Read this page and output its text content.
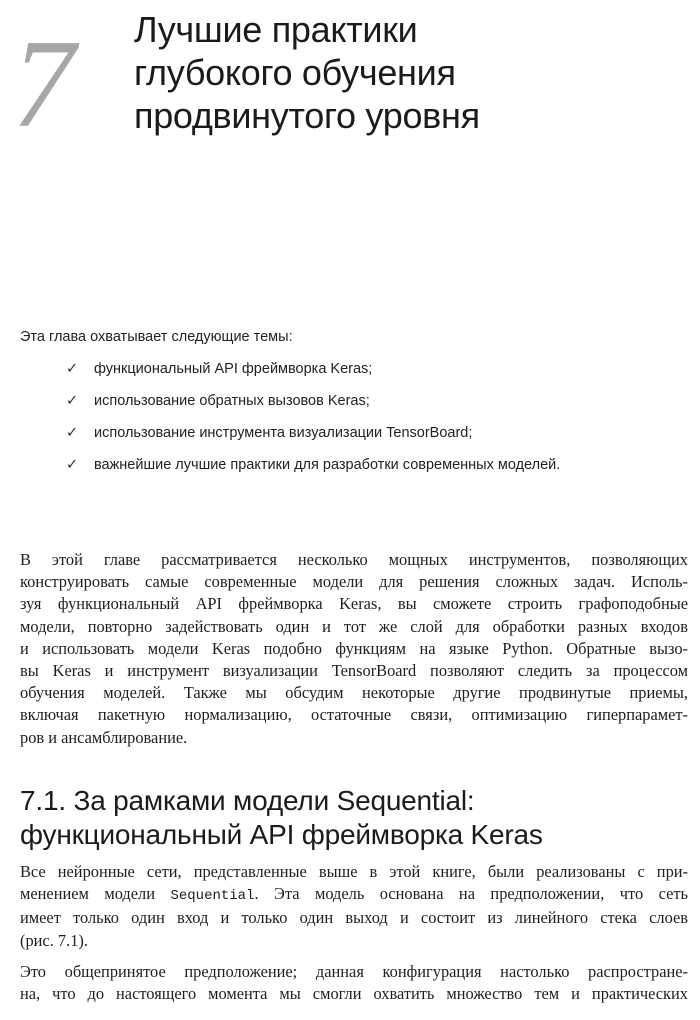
7 Лучшие практики
глубокого обучения
продвинутого уровня
Эта глава охватывает следующие темы:
✓ функциональный API фреймворка Keras;
✓ использование обратных вызовов Keras;
✓ использование инструмента визуализации TensorBoard;
✓ важнейшие лучшие практики для разработки современных моделей.

В этой главе рассматривается несколько мощных инструментов, позволяющих
конструировать самые современные модели для решения сложных задач. Исполь-
зуя функциональный API фреймворка Keras, вы сможете строить графоподобные
модели, повторно задействовать один и тот же слой для обработки разных входов
и использовать модели Keras подобно функциям на языке Python. Обратные вызо-
вы Keras и инструмент визуализации TensorBoard позволяют следить за процессом
обучения моделей. Также мы обсудим некоторые другие продвинутые приемы,
включая пакетную нормализацию, остаточные связи, оптимизацию гиперпарамет-
ров и ансамблирование.

7.1. За рамками модели Sequential:
функциональный API фреймворка Keras

Все нейронные сети, представленные выше в этой книге, были реализованы с при-
менением модели Sequential. Эта модель основана на предположении, что сеть
имеет только один вход и только один выход и состоит из линейного стека слоев
(рис. 7.1).

Это общепринятое предположение; данная конфигурация настолько распростране-
на, что до настоящего момента мы смогли охватить множество тем и практических
